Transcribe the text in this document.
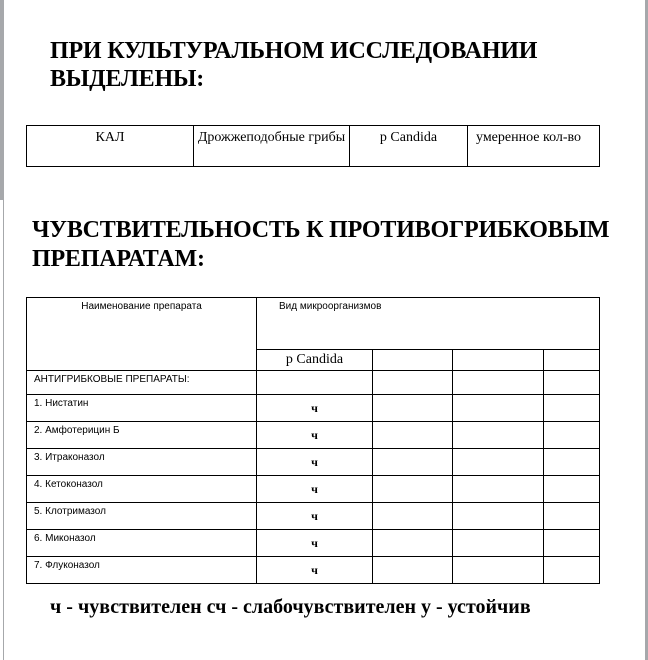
ПРИ КУЛЬТУРАЛЬНОМ ИССЛЕДОВАНИИ ВЫДЕЛЕНЫ:
КАЛ	Дрожжеподобные грибы	р Candida	умеренное кол-во
ЧУВСТВИТЕЛЬНОСТЬ К ПРОТИВОГРИБКОВЫМ ПРЕПАРАТАМ:
Наименование препарата	Вид микроорганизмов			
	р Candida			
АНТИГРИБКОВЫЕ ПРЕПАРАТЫ:				
1. Нистатин	ч			
2. Амфотерицин Б	ч			
3. Итраконазол	ч			
4. Кетоконазол	ч			
5. Клотримазол	ч			
6. Миконазол	ч			
7. Флуконазол	ч			
ч - чувствителен сч - слабочувствителен у - устойчив
